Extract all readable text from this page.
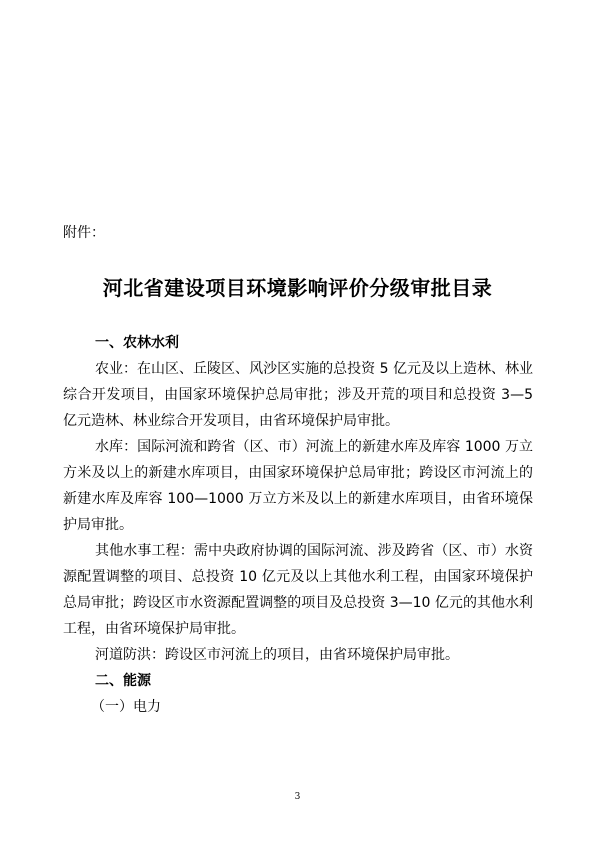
附件：
河北省建设项目环境影响评价分级审批目录
一、农林水利
农业：在山区、丘陵区、风沙区实施的总投资 5 亿元及以上造林、林业综合开发项目，由国家环境保护总局审批；涉及开荒的项目和总投资 3—5 亿元造林、林业综合开发项目，由省环境保护局审批。
水库：国际河流和跨省（区、市）河流上的新建水库及库容 1000 万立方米及以上的新建水库项目，由国家环境保护总局审批；跨设区市河流上的新建水库及库容 100—1000 万立方米及以上的新建水库项目，由省环境保护局审批。
其他水事工程：需中央政府协调的国际河流、涉及跨省（区、市）水资源配置调整的项目、总投资 10 亿元及以上其他水利工程，由国家环境保护总局审批；跨设区市水资源配置调整的项目及总投资 3—10 亿元的其他水利工程，由省环境保护局审批。
河道防洪：跨设区市河流上的项目，由省环境保护局审批。
二、能源
（一）电力
3
